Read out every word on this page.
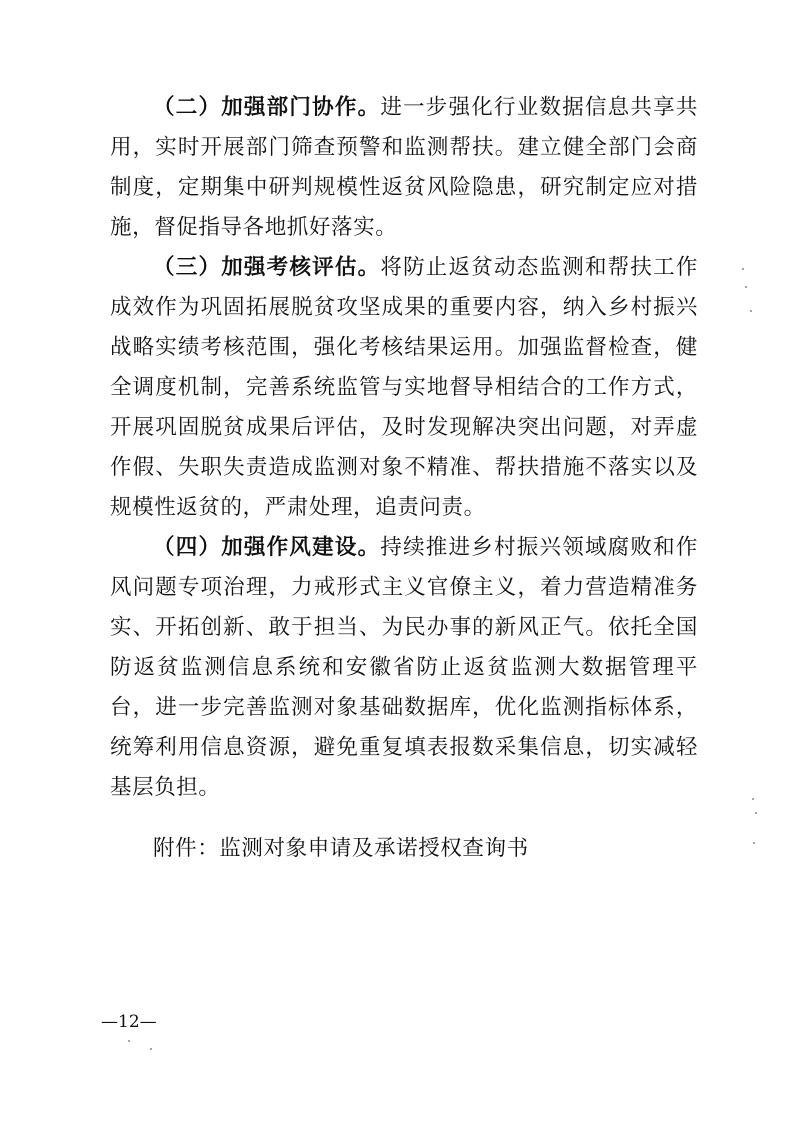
（二）加强部门协作。进一步强化行业数据信息共享共用，实时开展部门筛查预警和监测帮扶。建立健全部门会商制度，定期集中研判规模性返贫风险隐患，研究制定应对措施，督促指导各地抓好落实。

（三）加强考核评估。将防止返贫动态监测和帮扶工作成效作为巩固拓展脱贫攻坚成果的重要内容，纳入乡村振兴战略实绩考核范围，强化考核结果运用。加强监督检查，健全调度机制，完善系统监管与实地督导相结合的工作方式，开展巩固脱贫成果后评估，及时发现解决突出问题，对弄虚作假、失职失责造成监测对象不精准、帮扶措施不落实以及规模性返贫的，严肃处理，追责问责。

（四）加强作风建设。持续推进乡村振兴领域腐败和作风问题专项治理，力戒形式主义官僚主义，着力营造精准务实、开拓创新、敢于担当、为民办事的新风正气。依托全国防返贫监测信息系统和安徽省防止返贫监测大数据管理平台，进一步完善监测对象基础数据库，优化监测指标体系，统筹利用信息资源，避免重复填表报数采集信息，切实减轻基层负担。

附件：监测对象申请及承诺授权查询书

—12—
